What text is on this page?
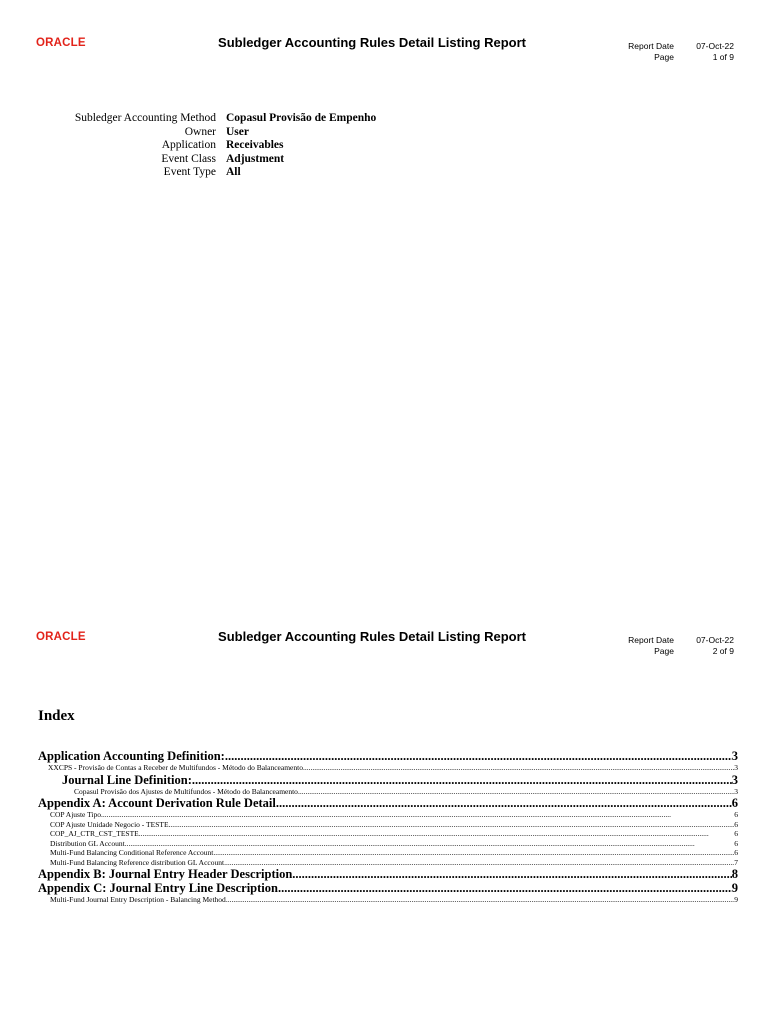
ORACLE	Subledger Accounting Rules Detail Listing Report	Report Date	07-Oct-22
Page	1 of 9
Subledger Accounting Method Copasul Provisão de Empenho
Owner User
Application Receivables
Event Class Adjustment
Event Type All
ORACLE	Subledger Accounting Rules Detail Listing Report	Report Date	07-Oct-22
Page	2 of 9
Index
Application Accounting Definition: .....	3
XXCPS - Provisão de Contas a Receber de Multifundos - Método do Balanceamento .....	3
Journal Line Definition: .....	3
Copasul Provisão dos Ajustes de Multifundos - Método do Balanceamento .....	3
Appendix A: Account Derivation Rule Detail .....	6
COP Ajuste Tipo .....	6
COP Ajuste Unidade Negocio - TESTE .....	6
COP_AJ_CTR_CST_TESTE .....	6
Distribution GL Account .....	6
Multi-Fund Balancing Conditional Reference Account .....	6
Multi-Fund Balancing Reference distribution GL Account .....	7
Appendix B: Journal Entry Header Description .....	8
Appendix C: Journal Entry Line Description .....	9
Multi-Fund Journal Entry Description - Balancing Method .....	9
